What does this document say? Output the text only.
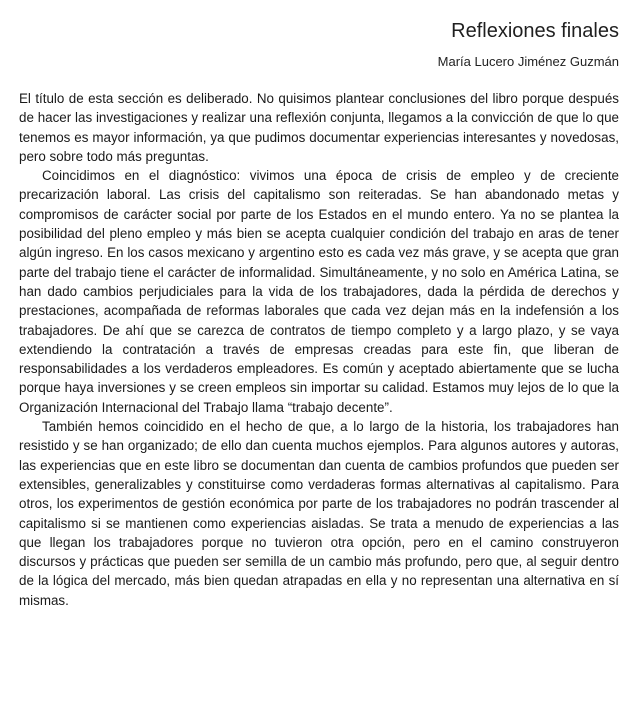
Reflexiones finales
María Lucero Jiménez Guzmán

El título de esta sección es deliberado. No quisimos plantear conclusiones del libro porque después de hacer las investigaciones y realizar una reflexión conjunta, llegamos a la convicción de que lo que tenemos es mayor información, ya que pudimos documentar experiencias interesantes y novedosas, pero sobre todo más preguntas.

Coincidimos en el diagnóstico: vivimos una época de crisis de empleo y de creciente precarización laboral. Las crisis del capitalismo son reiteradas. Se han abandonado metas y compromisos de carácter social por parte de los Estados en el mundo entero. Ya no se plantea la posibilidad del pleno empleo y más bien se acepta cualquier condición del trabajo en aras de tener algún ingreso. En los casos mexicano y argentino esto es cada vez más grave, y se acepta que gran parte del trabajo tiene el carácter de informalidad. Simultáneamente, y no solo en América Latina, se han dado cambios perjudiciales para la vida de los trabajadores, dada la pérdida de derechos y prestaciones, acompañada de reformas laborales que cada vez dejan más en la indefensión a los trabajadores. De ahí que se carezca de contratos de tiempo completo y a largo plazo, y se vaya extendiendo la contratación a través de empresas creadas para este fin, que liberan de responsabilidades a los verdaderos empleadores. Es común y aceptado abiertamente que se lucha porque haya inversiones y se creen empleos sin importar su calidad. Estamos muy lejos de lo que la Organización Internacional del Trabajo llama “trabajo decente”.

También hemos coincidido en el hecho de que, a lo largo de la historia, los trabajadores han resistido y se han organizado; de ello dan cuenta muchos ejemplos. Para algunos autores y autoras, las experiencias que en este libro se documentan dan cuenta de cambios profundos que pueden ser extensibles, generalizables y constituirse como verdaderas formas alternativas al capitalismo. Para otros, los experimentos de gestión económica por parte de los trabajadores no podrán trascender al capitalismo si se mantienen como experiencias aisladas. Se trata a menudo de experiencias a las que llegan los trabajadores porque no tuvieron otra opción, pero en el camino construyeron discursos y prácticas que pueden ser semilla de un cambio más profundo, pero que, al seguir dentro de la lógica del mercado, más bien quedan atrapadas en ella y no representan una alternativa en sí mismas.
